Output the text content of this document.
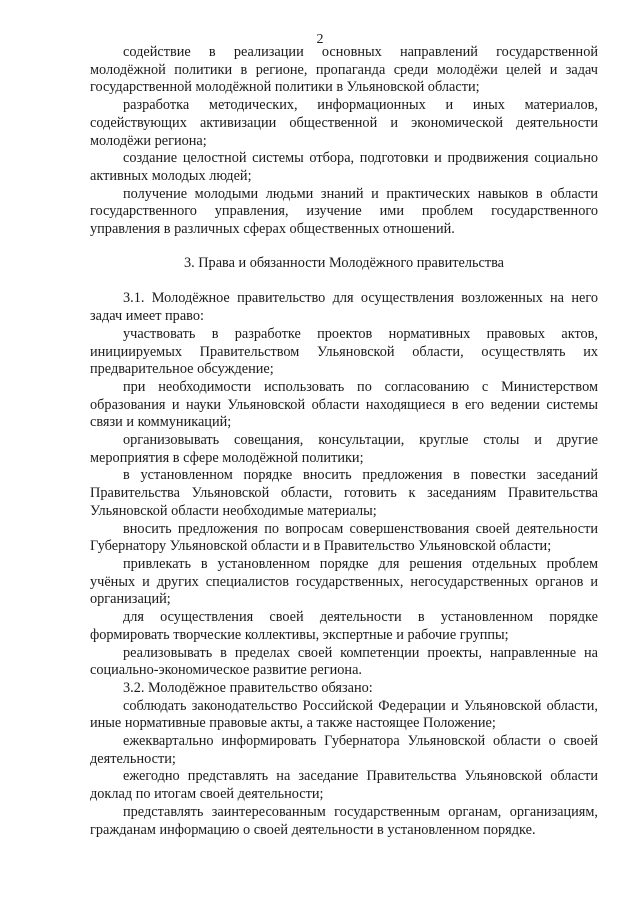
2

содействие в реализации основных направлений государственной молодёжной политики в регионе, пропаганда среди молодёжи целей и задач государственной молодёжной политики в Ульяновской области;

разработка методических, информационных и иных материалов, содействующих активизации общественной и экономической деятельности молодёжи региона;

создание целостной системы отбора, подготовки и продвижения социально активных молодых людей;

получение молодыми людьми знаний и практических навыков в области государственного управления, изучение ими проблем государственного управления в различных сферах общественных отношений.

3. Права и обязанности Молодёжного правительства

3.1. Молодёжное правительство для осуществления возложенных на него задач имеет право:

участвовать в разработке проектов нормативных правовых актов, инициируемых Правительством Ульяновской области, осуществлять их предварительное обсуждение;

при необходимости использовать по согласованию с Министерством образования и науки Ульяновской области находящиеся в его ведении системы связи и коммуникаций;

организовывать совещания, консультации, круглые столы и другие мероприятия в сфере молодёжной политики;

в установленном порядке вносить предложения в повестки заседаний Правительства Ульяновской области, готовить к заседаниям Правительства Ульяновской области необходимые материалы;

вносить предложения по вопросам совершенствования своей деятельности Губернатору Ульяновской области и в Правительство Ульяновской области;

привлекать в установленном порядке для решения отдельных проблем учёных и других специалистов государственных, негосударственных органов и организаций;

для осуществления своей деятельности в установленном порядке формировать творческие коллективы, экспертные и рабочие группы;

реализовывать в пределах своей компетенции проекты, направленные на социально-экономическое развитие региона.

3.2. Молодёжное правительство обязано:

соблюдать законодательство Российской Федерации и Ульяновской области, иные нормативные правовые акты, а также настоящее Положение;

ежеквартально информировать Губернатора Ульяновской области о своей деятельности;

ежегодно представлять на заседание Правительства Ульяновской области доклад по итогам своей деятельности;

представлять заинтересованным государственным органам, организациям, гражданам информацию о своей деятельности в установленном порядке.
